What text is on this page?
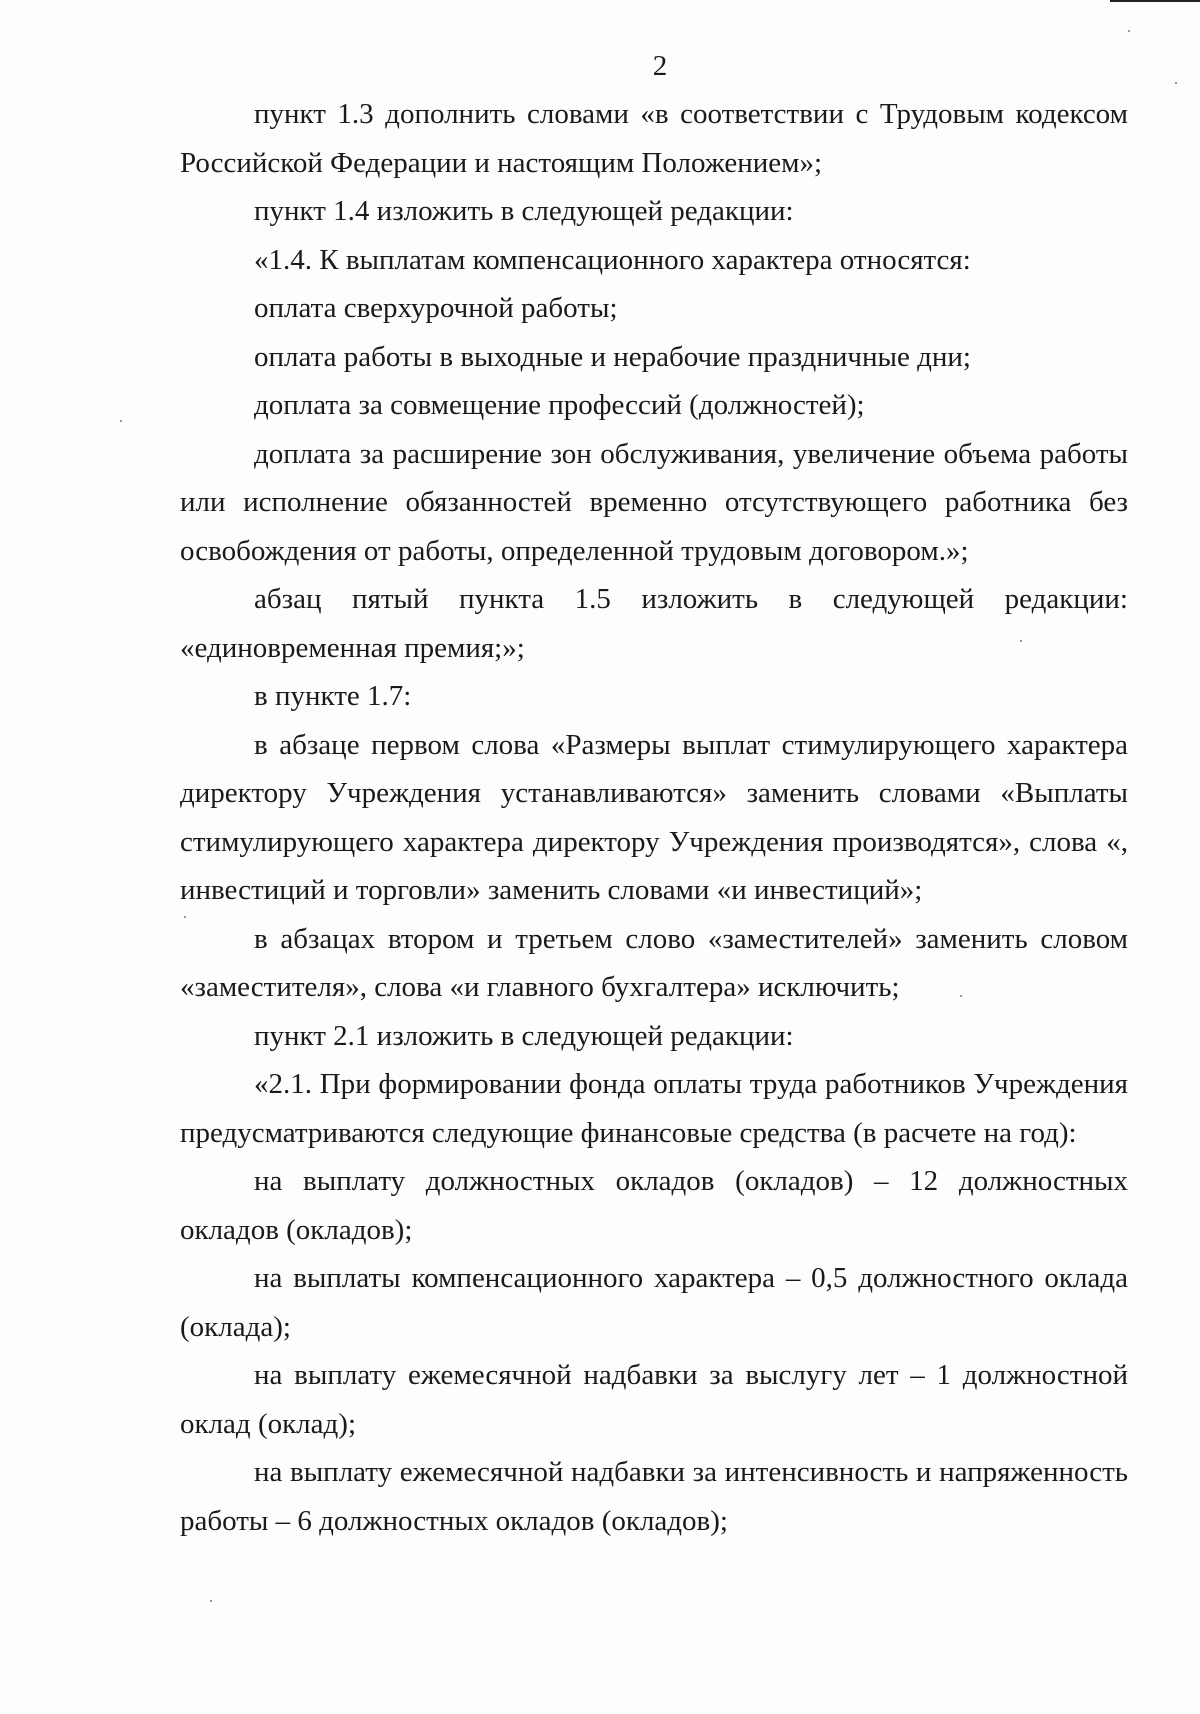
2

пункт 1.3 дополнить словами «в соответствии с Трудовым кодексом Российской Федерации и настоящим Положением»;

пункт 1.4 изложить в следующей редакции:

«1.4. К выплатам компенсационного характера относятся:

оплата сверхурочной работы;

оплата работы в выходные и нерабочие праздничные дни;

доплата за совмещение профессий (должностей);

доплата за расширение зон обслуживания, увеличение объема работы или исполнение обязанностей временно отсутствующего работника без освобождения от работы, определенной трудовым договором.»;

абзац пятый пункта 1.5 изложить в следующей редакции: «единовременная премия;»;

в пункте 1.7:

в абзаце первом слова «Размеры выплат стимулирующего характера директору Учреждения устанавливаются» заменить словами «Выплаты стимулирующего характера директору Учреждения производятся», слова «, инвестиций и торговли» заменить словами «и инвестиций»;

в абзацах втором и третьем слово «заместителей» заменить словом «заместителя», слова «и главного бухгалтера» исключить;

пункт 2.1 изложить в следующей редакции:

«2.1. При формировании фонда оплаты труда работников Учреждения предусматриваются следующие финансовые средства (в расчете на год):

на выплату должностных окладов (окладов) – 12 должностных окладов (окладов);

на выплаты компенсационного характера – 0,5 должностного оклада (оклада);

на выплату ежемесячной надбавки за выслугу лет – 1 должностной оклад (оклад);

на выплату ежемесячной надбавки за интенсивность и напряженность работы – 6 должностных окладов (окладов);
